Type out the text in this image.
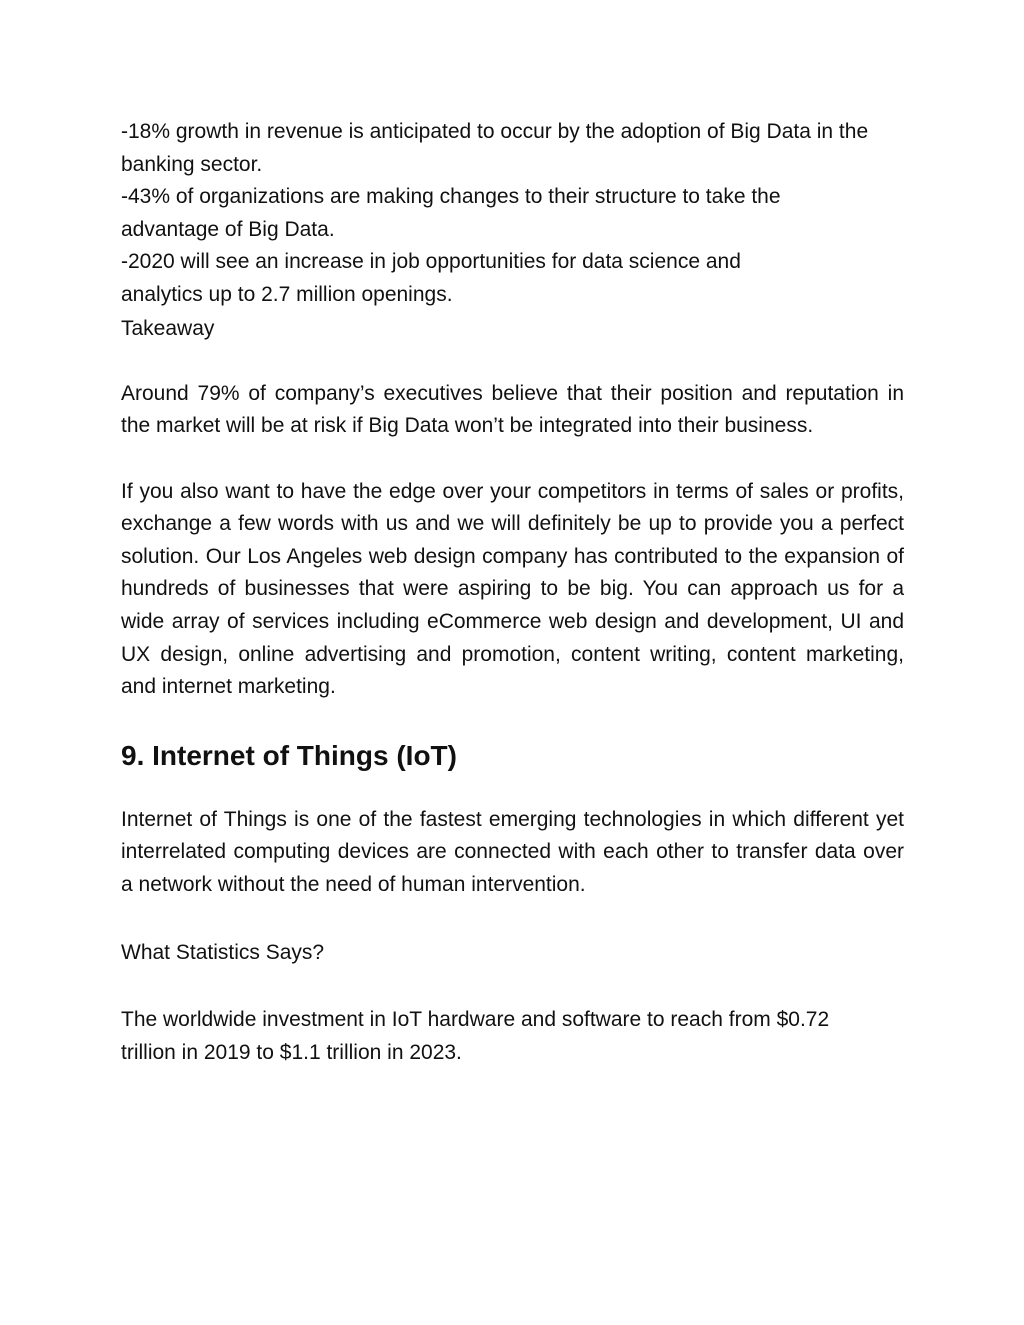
-18% growth in revenue is anticipated to occur by the adoption of Big Data in the banking sector.

-43% of organizations are making changes to their structure to take the advantage of Big Data.

-2020 will see an increase in job opportunities for data science and analytics up to 2.7 million openings.

Takeaway

Around 79% of company’s executives believe that their position and reputation in the market will be at risk if Big Data won’t be integrated into their business.

If you also want to have the edge over your competitors in terms of sales or profits, exchange a few words with us and we will definitely be up to provide you a perfect solution. Our Los Angeles web design company has contributed to the expansion of hundreds of businesses that were aspiring to be big. You can approach us for a wide array of services including eCommerce web design and development, UI and UX design, online advertising and promotion, content writing, content marketing, and internet marketing.

9. Internet of Things (IoT)

Internet of Things is one of the fastest emerging technologies in which different yet interrelated computing devices are connected with each other to transfer data over a network without the need of human intervention.

What Statistics Says?

The worldwide investment in IoT hardware and software to reach from $0.72 trillion in 2019 to $1.1 trillion in 2023.
